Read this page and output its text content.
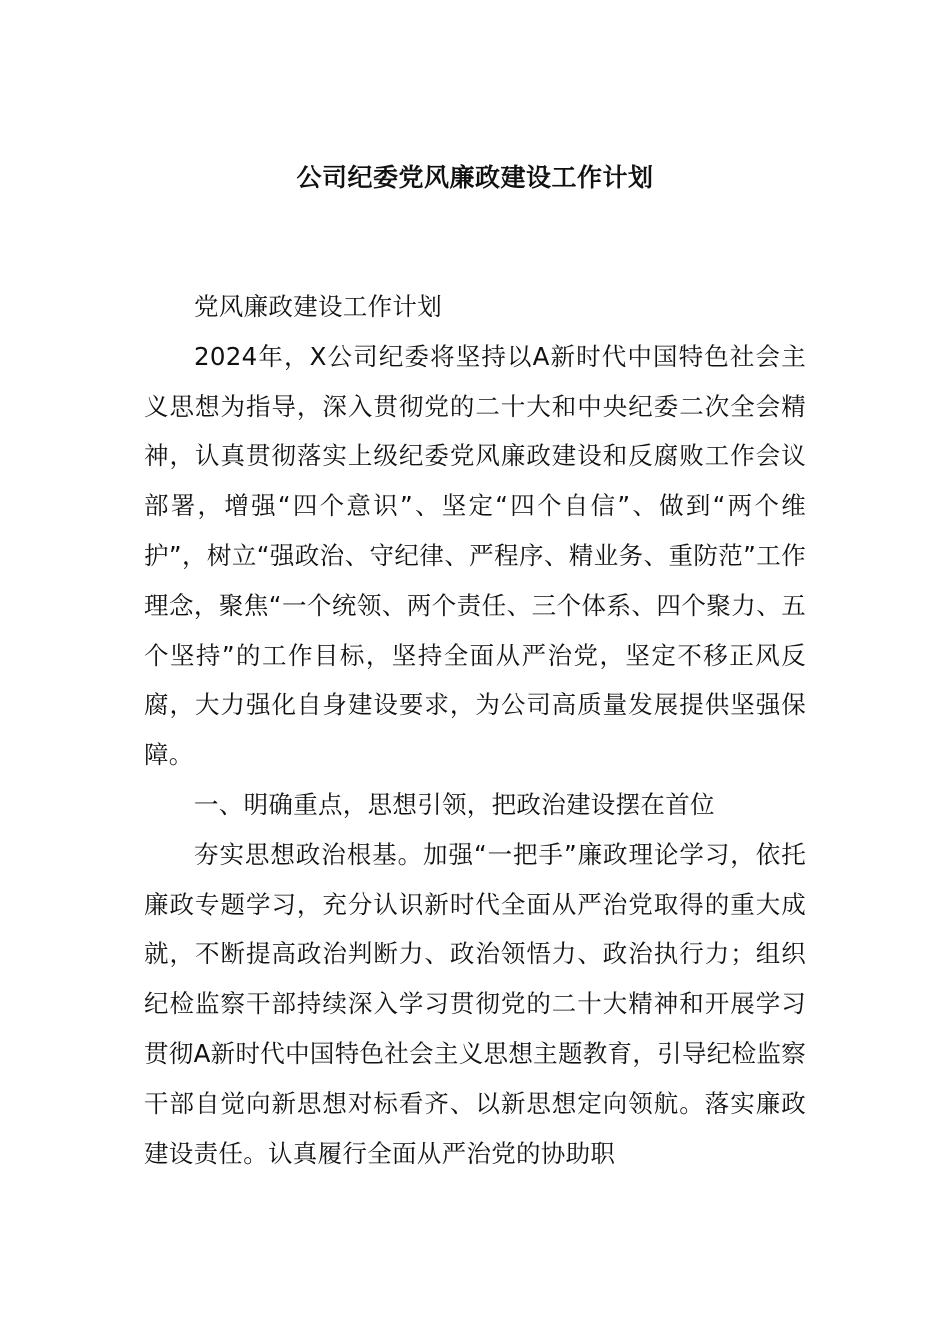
公司纪委党风廉政建设工作计划

党风廉政建设工作计划

2024年，X公司纪委将坚持以A新时代中国特色社会主义思想为指导，深入贯彻党的二十大和中央纪委二次全会精神，认真贯彻落实上级纪委党风廉政建设和反腐败工作会议部署，增强“四个意识”、坚定“四个自信”、做到“两个维护”，树立“强政治、守纪律、严程序、精业务、重防范”工作理念，聚焦“一个统领、两个责任、三个体系、四个聚力、五个坚持”的工作目标，坚持全面从严治党，坚定不移正风反腐，大力强化自身建设要求，为公司高质量发展提供坚强保障。

一、明确重点，思想引领，把政治建设摆在首位

夯实思想政治根基。加强“一把手”廉政理论学习，依托廉政专题学习，充分认识新时代全面从严治党取得的重大成就，不断提高政治判断力、政治领悟力、政治执行力；组织纪检监察干部持续深入学习贯彻党的二十大精神和开展学习贯彻A新时代中国特色社会主义思想主题教育，引导纪检监察干部自觉向新思想对标看齐、以新思想定向领航。落实廉政建设责任。认真履行全面从严治党的协助职
